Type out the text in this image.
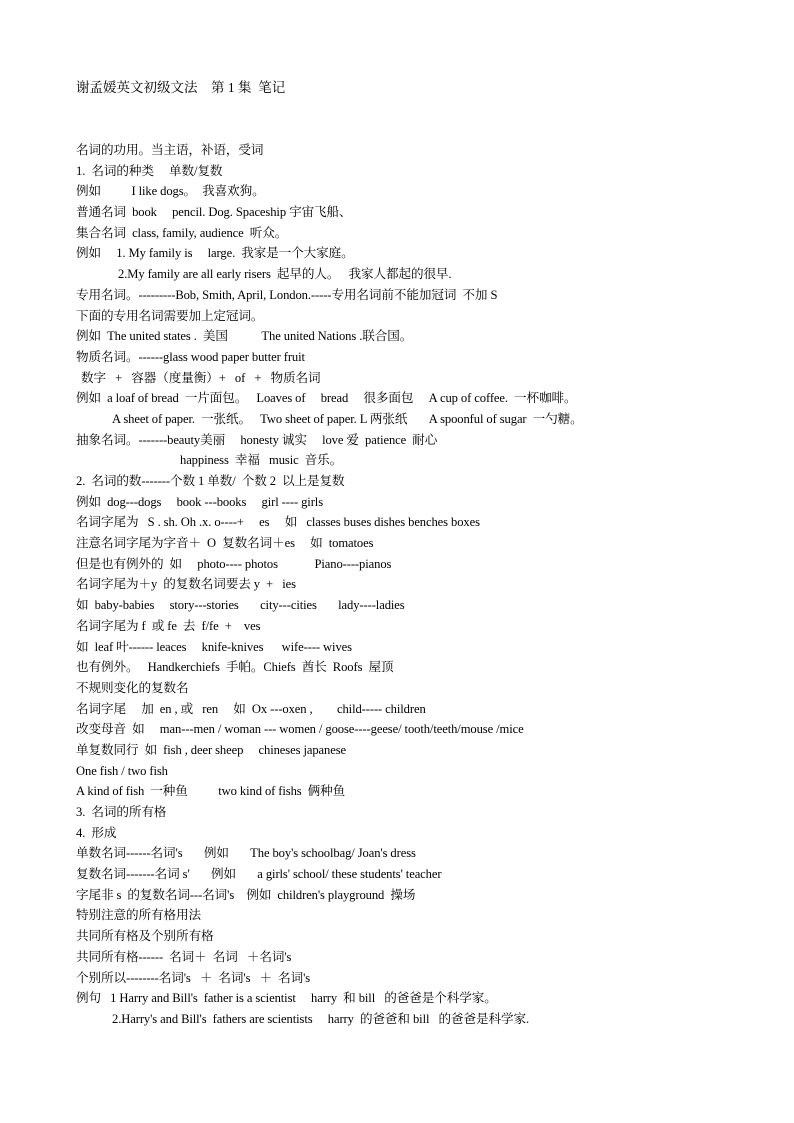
谢孟媛英文初级文法    第 1 集  笔记
名词的功用。当主语，补语，受词
1.  名词的种类     单数/复数
例如          I like dogs。  我喜欢狗。
普通名词  book     pencil. Dog. Spaceship 宇宙飞船、
集合名词  class, family, audience  听众。
例如     1. My family is     large.  我家是一个大家庭。
2.My family are all early risers  起早的人。   我家人都起的很早.
专用名词。---------Bob, Smith, April, London.-----专用名词前不能加冠词  不加 S
下面的专用名词需要加上定冠词。
例如  The united states .  美国           The united Nations .联合国。
物质名词。------glass wood paper butter fruit
数字   +   容器（度量衡）+   of   +   物质名词
例如  a loaf of bread  一片面包。   Loaves of     bread     很多面包     A cup of coffee.  一杯咖啡。
A sheet of paper.  一张纸。   Two sheet of paper. L 两张纸       A spoonful of sugar  一勺糖。
抽象名词。-------beauty美丽     honesty 诚实     love 爱  patience  耐心
happiness  幸福   music  音乐。
2.  名词的数-------个数 1 单数/  个数 2  以上是复数
例如  dog---dogs     book ---books     girl ---- girls
名词字尾为   S . sh. Oh .x. o----+     es     如   classes buses dishes benches boxes
注意名词字尾为字音＋  O  复数名词＋es     如  tomatoes
但是也有例外的  如     photo---- photos            Piano----pianos
名词字尾为＋y  的复数名词要去 y  +   ies
如  baby-babies     story---stories       city---cities       lady----ladies
名词字尾为 f  或 fe  去  f/fe  +    ves
如  leaf 叶------ leaces     knife-knives      wife---- wives
也有例外。   Handkerchiefs  手帕。Chiefs  酋长  Roofs  屋顶
不规则变化的复数名
名词字尾     加  en , 或   ren     如  Ox ---oxen ,        child----- children
改变母音  如     man---men / woman --- women / goose----geese/ tooth/teeth/mouse /mice
单复数同行  如  fish , deer sheep     chineses japanese
One fish / two fish
A kind of fish  一种鱼          two kind of fishs  俩种鱼
3.  名词的所有格
4.  形成
单数名词------名词's       例如       The boy's schoolbag/ Joan's dress
复数名词-------名词 s'       例如       a girls' school/ these students' teacher
字尾非 s  的复数名词---名词's    例如  children's playground  操场
特别注意的所有格用法
共同所有格及个别所有格
共同所有格------  名词＋  名词   ＋名词's
个别所以--------名词's   ＋  名词's   ＋  名词's
例句   1 Harry and Bill's  father is a scientist     harry  和 bill   的爸爸是个科学家。
2.Harry's and Bill's  fathers are scientists     harry  的爸爸和 bill   的爸爸是科学家.
